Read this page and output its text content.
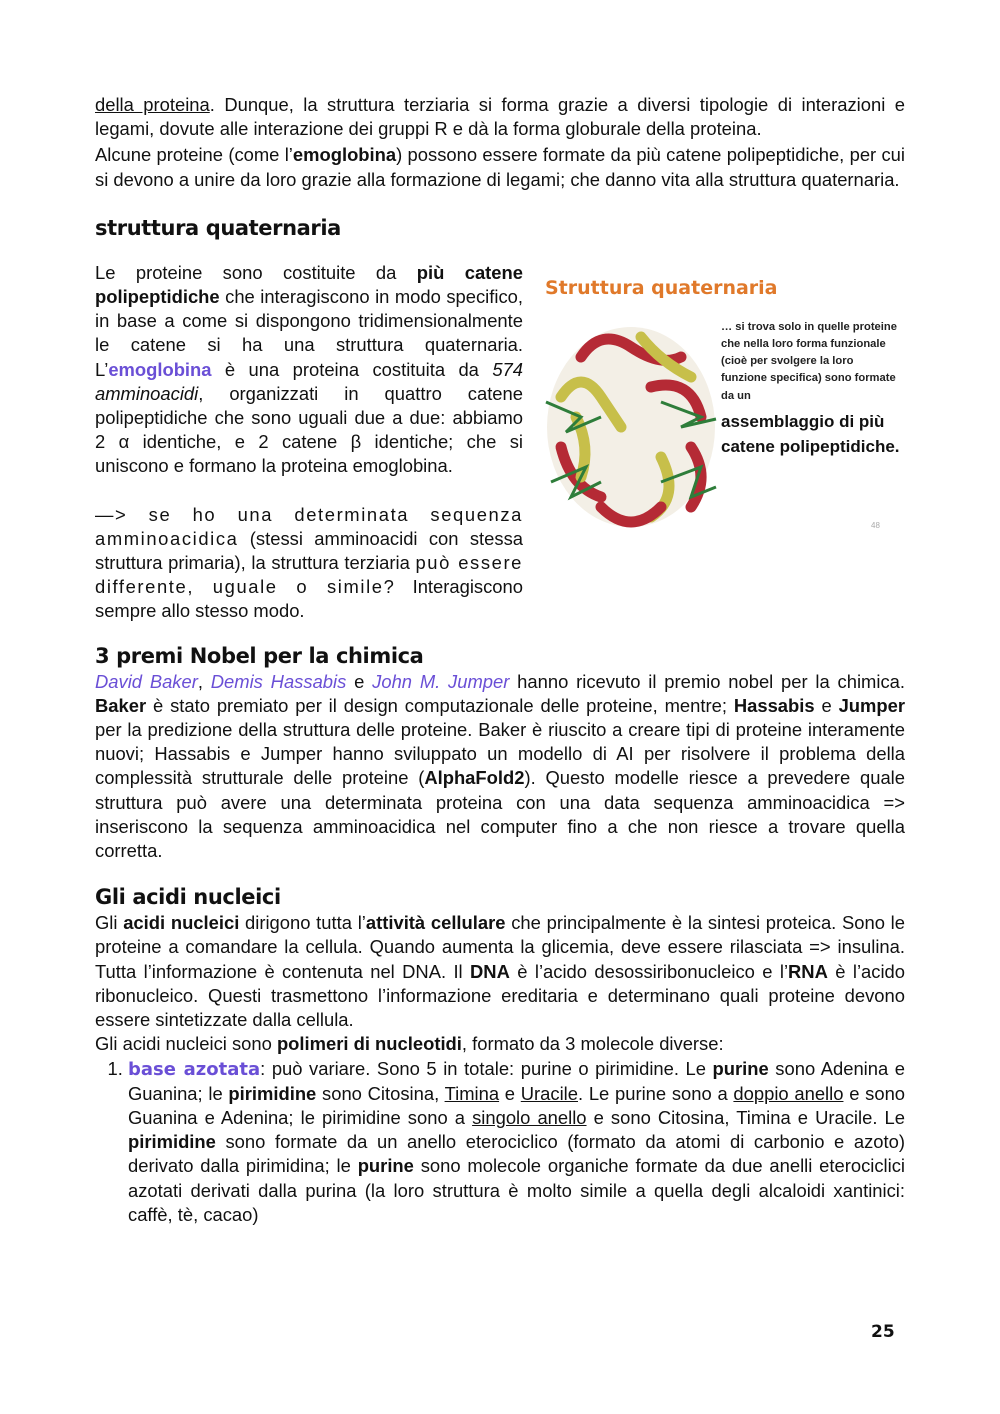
della proteina. Dunque, la struttura terziaria si forma grazie a diversi tipologie di interazioni e legami, dovute alle interazione dei gruppi R e dà la forma globurale della proteina.

Alcune proteine (come l’emoglobina) possono essere formate da più catene polipeptidiche, per cui si devono a unire da loro grazie alla formazione di legami; che danno vita alla struttura quaternaria.

struttura quaternaria

Le proteine sono costituite da più catene polipeptidiche che interagiscono in modo specifico, in base a come si dispongono tridimensionalmente le catene si ha una struttura quaternaria. L’emoglobina è una proteina costituita da 574 amminoacidi, organizzati in quattro catene polipeptidiche che sono uguali due a due: abbiamo 2 α identiche, e 2 catene β identiche; che si uniscono e formano la proteina emoglobina.

—> se ho una determinata sequenza amminoacidica (stessi amminoacidi con stessa struttura primaria), la struttura terziaria può essere differente, uguale o simile? Interagiscono sempre allo stesso modo.

Struttura quaternaria
… si trova solo in quelle proteine che nella loro forma funzionale (cioè per svolgere la loro funzione specifica) sono formate da un
assemblaggio di più catene polipeptidiche.
48
3 premi Nobel per la chimica

David Baker, Demis Hassabis e John M. Jumper hanno ricevuto il premio nobel per la chimica. Baker è stato premiato per il design computazionale delle proteine, mentre; Hassabis e Jumper per la predizione della struttura delle proteine. Baker è riuscito a creare tipi di proteine interamente nuovi; Hassabis e Jumper hanno sviluppato un modello di AI per risolvere il problema della complessità strutturale delle proteine (AlphaFold2). Questo modelle riesce a prevedere quale struttura può avere una determinata proteina con una data sequenza amminoacidica => inseriscono la sequenza amminoacidica nel computer fino a che non riesce a trovare quella corretta.

Gli acidi nucleici

Gli acidi nucleici dirigono tutta l’attività cellulare che principalmente è la sintesi proteica. Sono le proteine a comandare la cellula. Quando aumenta la glicemia, deve essere rilasciata => insulina. Tutta l’informazione è contenuta nel DNA. Il DNA è l’acido desossiribonucleico e l’RNA è l’acido ribonucleico. Questi trasmettono l’informazione ereditaria e determinano quali proteine devono essere sintetizzate dalla cellula.

Gli acidi nucleici sono polimeri di nucleotidi, formato da 3 molecole diverse:

1. base azotata: può variare. Sono 5 in totale: purine o pirimidine. Le purine sono Adenina e Guanina; le pirimidine sono Citosina, Timina e Uracile. Le purine sono a doppio anello e sono Guanina e Adenina; le pirimidine sono a singolo anello e sono Citosina, Timina e Uracile. Le pirimidine sono formate da un anello eterociclico (formato da atomi di carbonio e azoto) derivato dalla pirimidina; le purine sono molecole organiche formate da due anelli eterociclici azotati derivati dalla purina (la loro struttura è molto simile a quella degli alcaloidi xantinici: caffè, tè, cacao)
25
